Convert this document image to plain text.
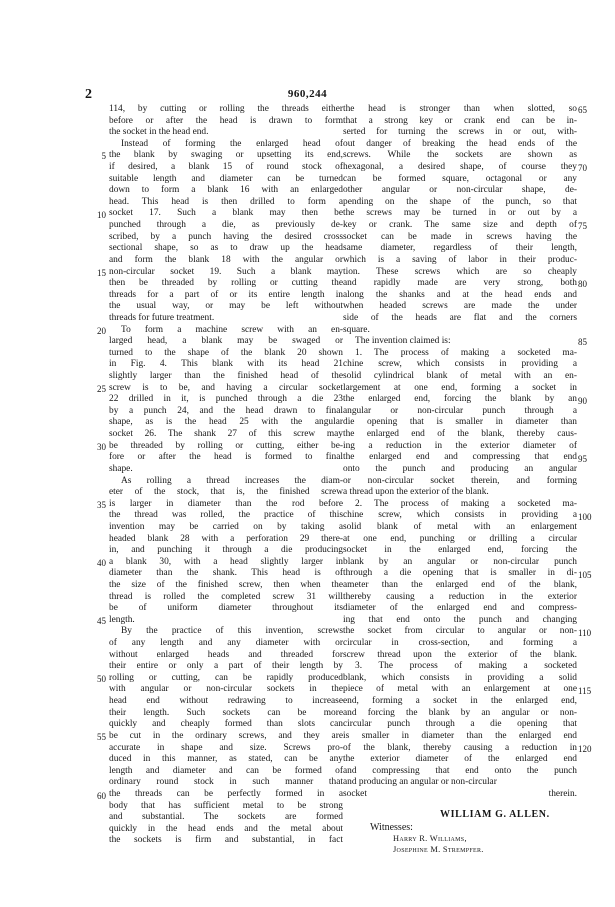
2	960,244
114, by cutting or rolling the threads either
before or after the head is drawn to form
the socket in the head end.
Instead of forming the enlarged head of
the blank by swaging or upsetting its end,
if desired, a blank 15 of round stock of
suitable length and diameter can be turned
down to form a blank 16 with an enlarged
head. This head is then drilled to form a
socket 17. Such a blank may then be
punched through a die, as previously de-
scribed, by a punch having the desired cross
sectional shape, so as to draw up the head
and form the blank 18 with the angular or
non-circular socket 19. Such a blank may
then be threaded by rolling or cutting the
threads for a part of or its entire length in
the usual way, or may be left without
threads for future treatment.
To form a machine screw with an en-
larged head, a blank may be swaged or
turned to the shape of the blank 20 shown
in Fig. 4. This blank with its head 21
slightly larger than the finished head of the
screw is to be, and having a circular socket
22 drilled in it, is punched through a die 23
by a punch 24, and the head drawn to final
shape, as is the head 25 with the angular
socket 26. The shank 27 of this screw may
be threaded by rolling or cutting, either be-
fore or after the head is formed to final
shape.
As rolling a thread increases the diam-
eter of the stock, that is, the finished screw
is larger in diameter than the rod before
the thread was rolled, the practice of this
invention may be carried on by taking a
headed blank 28 with a perforation 29 there-
in, and punching it through a die producing
a blank 30, with a head slightly larger in
diameter than the shank. This head is of
the size of the finished screw, then when the
thread is rolled the completed screw 31 will
be of uniform diameter throughout its
length.
By the practice of this invention, screws
of any length and any diameter with or
without enlarged heads and threaded for
their entire or only a part of their length by
rolling or cutting, can be rapidly produced
with angular or non-circular sockets in the
head end without redrawing to increase
their length. Such sockets can be more
quickly and cheaply formed than slots can
be cut in the ordinary screws, and they are
accurate in shape and size. Screws pro-
duced in this manner, as stated, can be any
length and diameter and can be formed of
ordinary round stock in such manner that
the threads can be perfectly formed in a
body that has sufficient metal to be strong
and substantial. The sockets are formed
quickly in the head ends and the metal about
the sockets is firm and substantial, in fact
the head is stronger than when slotted, so
that a strong key or crank end can be in-
serted for turning the screws in or out, with-
out danger of breaking the head ends of the
screws. While the sockets are shown as
hexagonal, a desired shape, of course they
can be formed square, octagonal or any
other angular or non-circular shape, de-
pending on the shape of the punch, so that
the screws may be turned in or out by a
key or crank. The same size and depth of
socket can be made in screws having the
same diameter, regardless of their length,
which is a saving of labor in their produc-
tion. These screws which are so cheaply
and rapidly made are very strong, both
along the shanks and at the head ends and
when headed screws are made the under
side of the heads are flat and the corners
square.
The invention claimed is:
1. The process of making a socketed ma-
chine screw, which consists in providing a
solid cylindrical blank of metal with an en-
largement at one end, forming a socket in
the enlarged end, forcing the blank by an
angular or non-circular punch through a
die opening that is smaller in diameter than
the enlarged end of the blank, thereby caus-
ing a reduction in the exterior diameter of
the enlarged end and compressing that end
onto the punch and producing an angular
or non-circular socket therein, and forming
a thread upon the exterior of the blank.
2. The process of making a socketed ma-
chine screw, which consists in providing a
solid blank of metal with an enlargement
at one end, punching or drilling a circular
socket in the enlarged end, forcing the
blank by an angular or non-circular punch
through a die opening that is smaller in di-
ameter than the enlarged end of the blank,
thereby causing a reduction in the exterior
diameter of the enlarged end and compress-
ing that end onto the punch and changing
the socket from circular to angular or non-
circular in cross-section, and forming a
screw thread upon the exterior of the blank.
3. The process of making a socketed
blank, which consists in providing a solid
piece of metal with an enlargement at one
end, forming a socket in the enlarged end,
and forcing the blank by an angular or non-
circular punch through a die opening that
is smaller in diameter than the enlarged end
of the blank, thereby causing a reduction in
the exterior diameter of the enlarged end
and compressing that end onto the punch
and producing an angular or non-circular
socket therein.
5
10
15
20
25
30
35
40
45
50
55
60
65
70
75
80
85
90
95
100
105
110
115
120
WILLIAM G. ALLEN.
Witnesses:
Harry R. Williams,
Josephine M. Strempfer.
